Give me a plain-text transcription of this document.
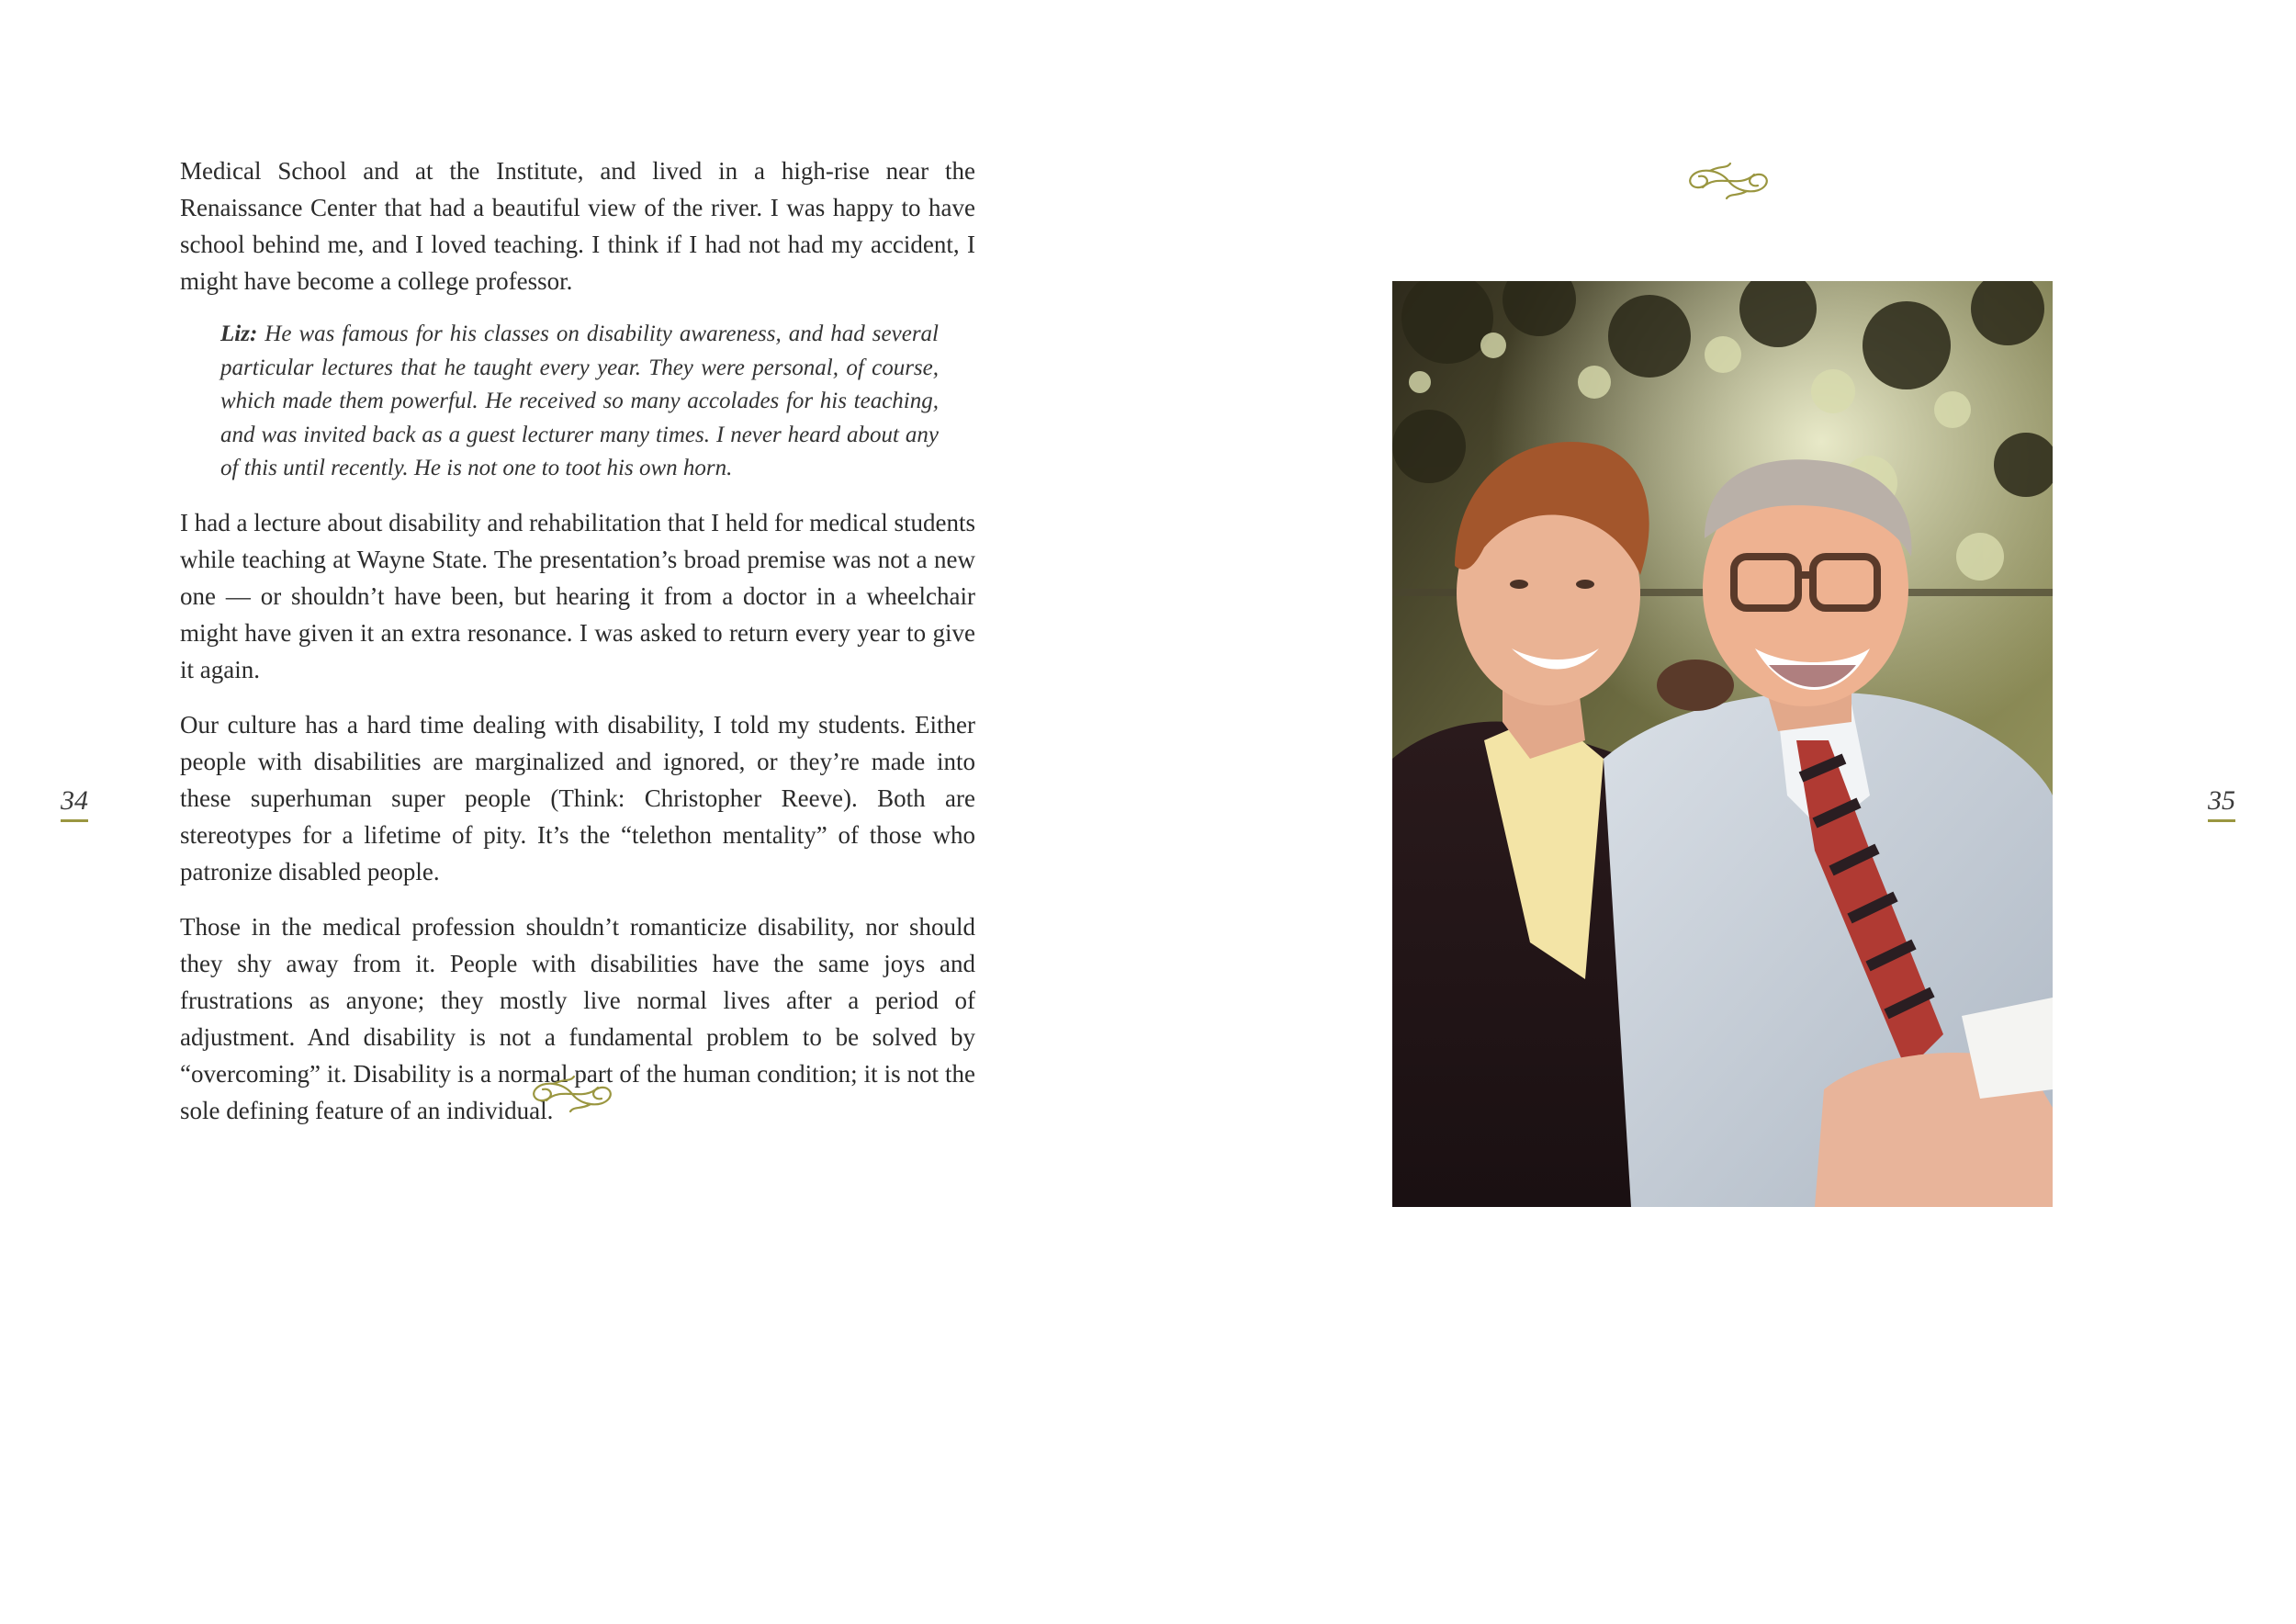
Medical School and at the Institute, and lived in a high-rise near the Renaissance Center that had a beautiful view of the river. I was happy to have school behind me, and I loved teaching. I think if I had not had my accident, I might have become a college professor.

Liz: He was famous for his classes on disability awareness, and had several particular lectures that he taught every year. They were personal, of course, which made them powerful. He received so many accolades for his teaching, and was invited back as a guest lecturer many times. I never heard about any of this until recently. He is not one to toot his own horn.

I had a lecture about disability and rehabilitation that I held for medical students while teaching at Wayne State. The presentation’s broad premise was not a new one — or shouldn’t have been, but hearing it from a doctor in a wheelchair might have given it an extra resonance. I was asked to return every year to give it again.

Our culture has a hard time dealing with disability, I told my students. Either people with disabilities are marginalized and ignored, or they’re made into these superhuman super people (Think: Christopher Reeve). Both are stereotypes for a lifetime of pity. It’s the “telethon mentality” of those who patronize disabled people.

Those in the medical profession shouldn’t romanticize disability, nor should they shy away from it. People with disabilities have the same joys and frustrations as anyone; they mostly live normal lives after a period of adjustment. And disability is not a fundamental problem to be solved by “overcoming” it. Disability is a normal part of the human condition; it is not the sole defining feature of an individual.

34	35
